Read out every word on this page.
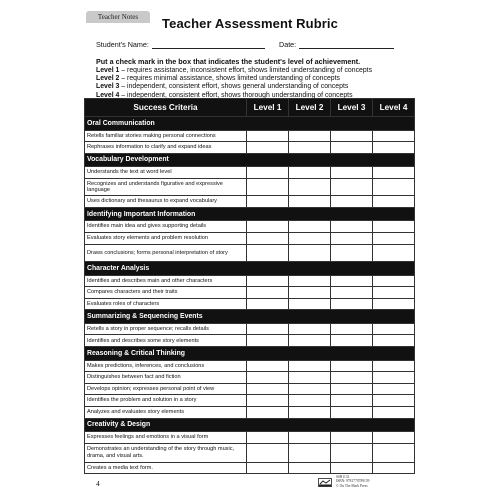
Teacher Notes	Teacher Assessment Rubric
Student's Name:	Date:
Put a check mark in the box that indicates the student's level of achievement.
Level 1 – requires assistance, inconsistent effort, shows limited understanding of concepts
Level 2 – requires minimal assistance, shows limited understanding of concepts
Level 3 – independent, consistent effort, shows general understanding of concepts
Level 4 – independent, consistent effort, shows thorough understanding of concepts
Success Criteria	Level 1	Level 2	Level 3	Level 4
Oral Communication				
Retells familiar stories making personal connections				
Rephrases information to clarify and expand ideas				
Vocabulary Development				
Understands the text at word level				
Recognizes and understands figurative and expressive language				
Uses dictionary and thesaurus to expand vocabulary				
Identifying Important Information				
Identifies main idea and gives supporting details				
Evaluates story elements and problem resolution				
Draws conclusions; forms personal interpretation of story				
Character Analysis				
Identifies and describes main and other characters				
Compares characters and their traits				
Evaluates roles of characters				
Summarizing & Sequencing Events				
Retells a story in proper sequence; recalls details				
Identifies and describes some story elements				
Reasoning & Critical Thinking				
Makes predictions, inferences, and conclusions				
Distinguishes between fact and fiction				
Develops opinion; expresses personal point of view				
Identifies the problem and solution in a story				
Analyzes and evaluates story elements				
Creativity & Design				
Expresses feelings and emotions in a visual form				
Demonstrates an understanding of the story through music, drama, and visual arts.				
Creates a media text form.				
4
SSR1131
ISBN: 9781770789159
© On The Mark Press
